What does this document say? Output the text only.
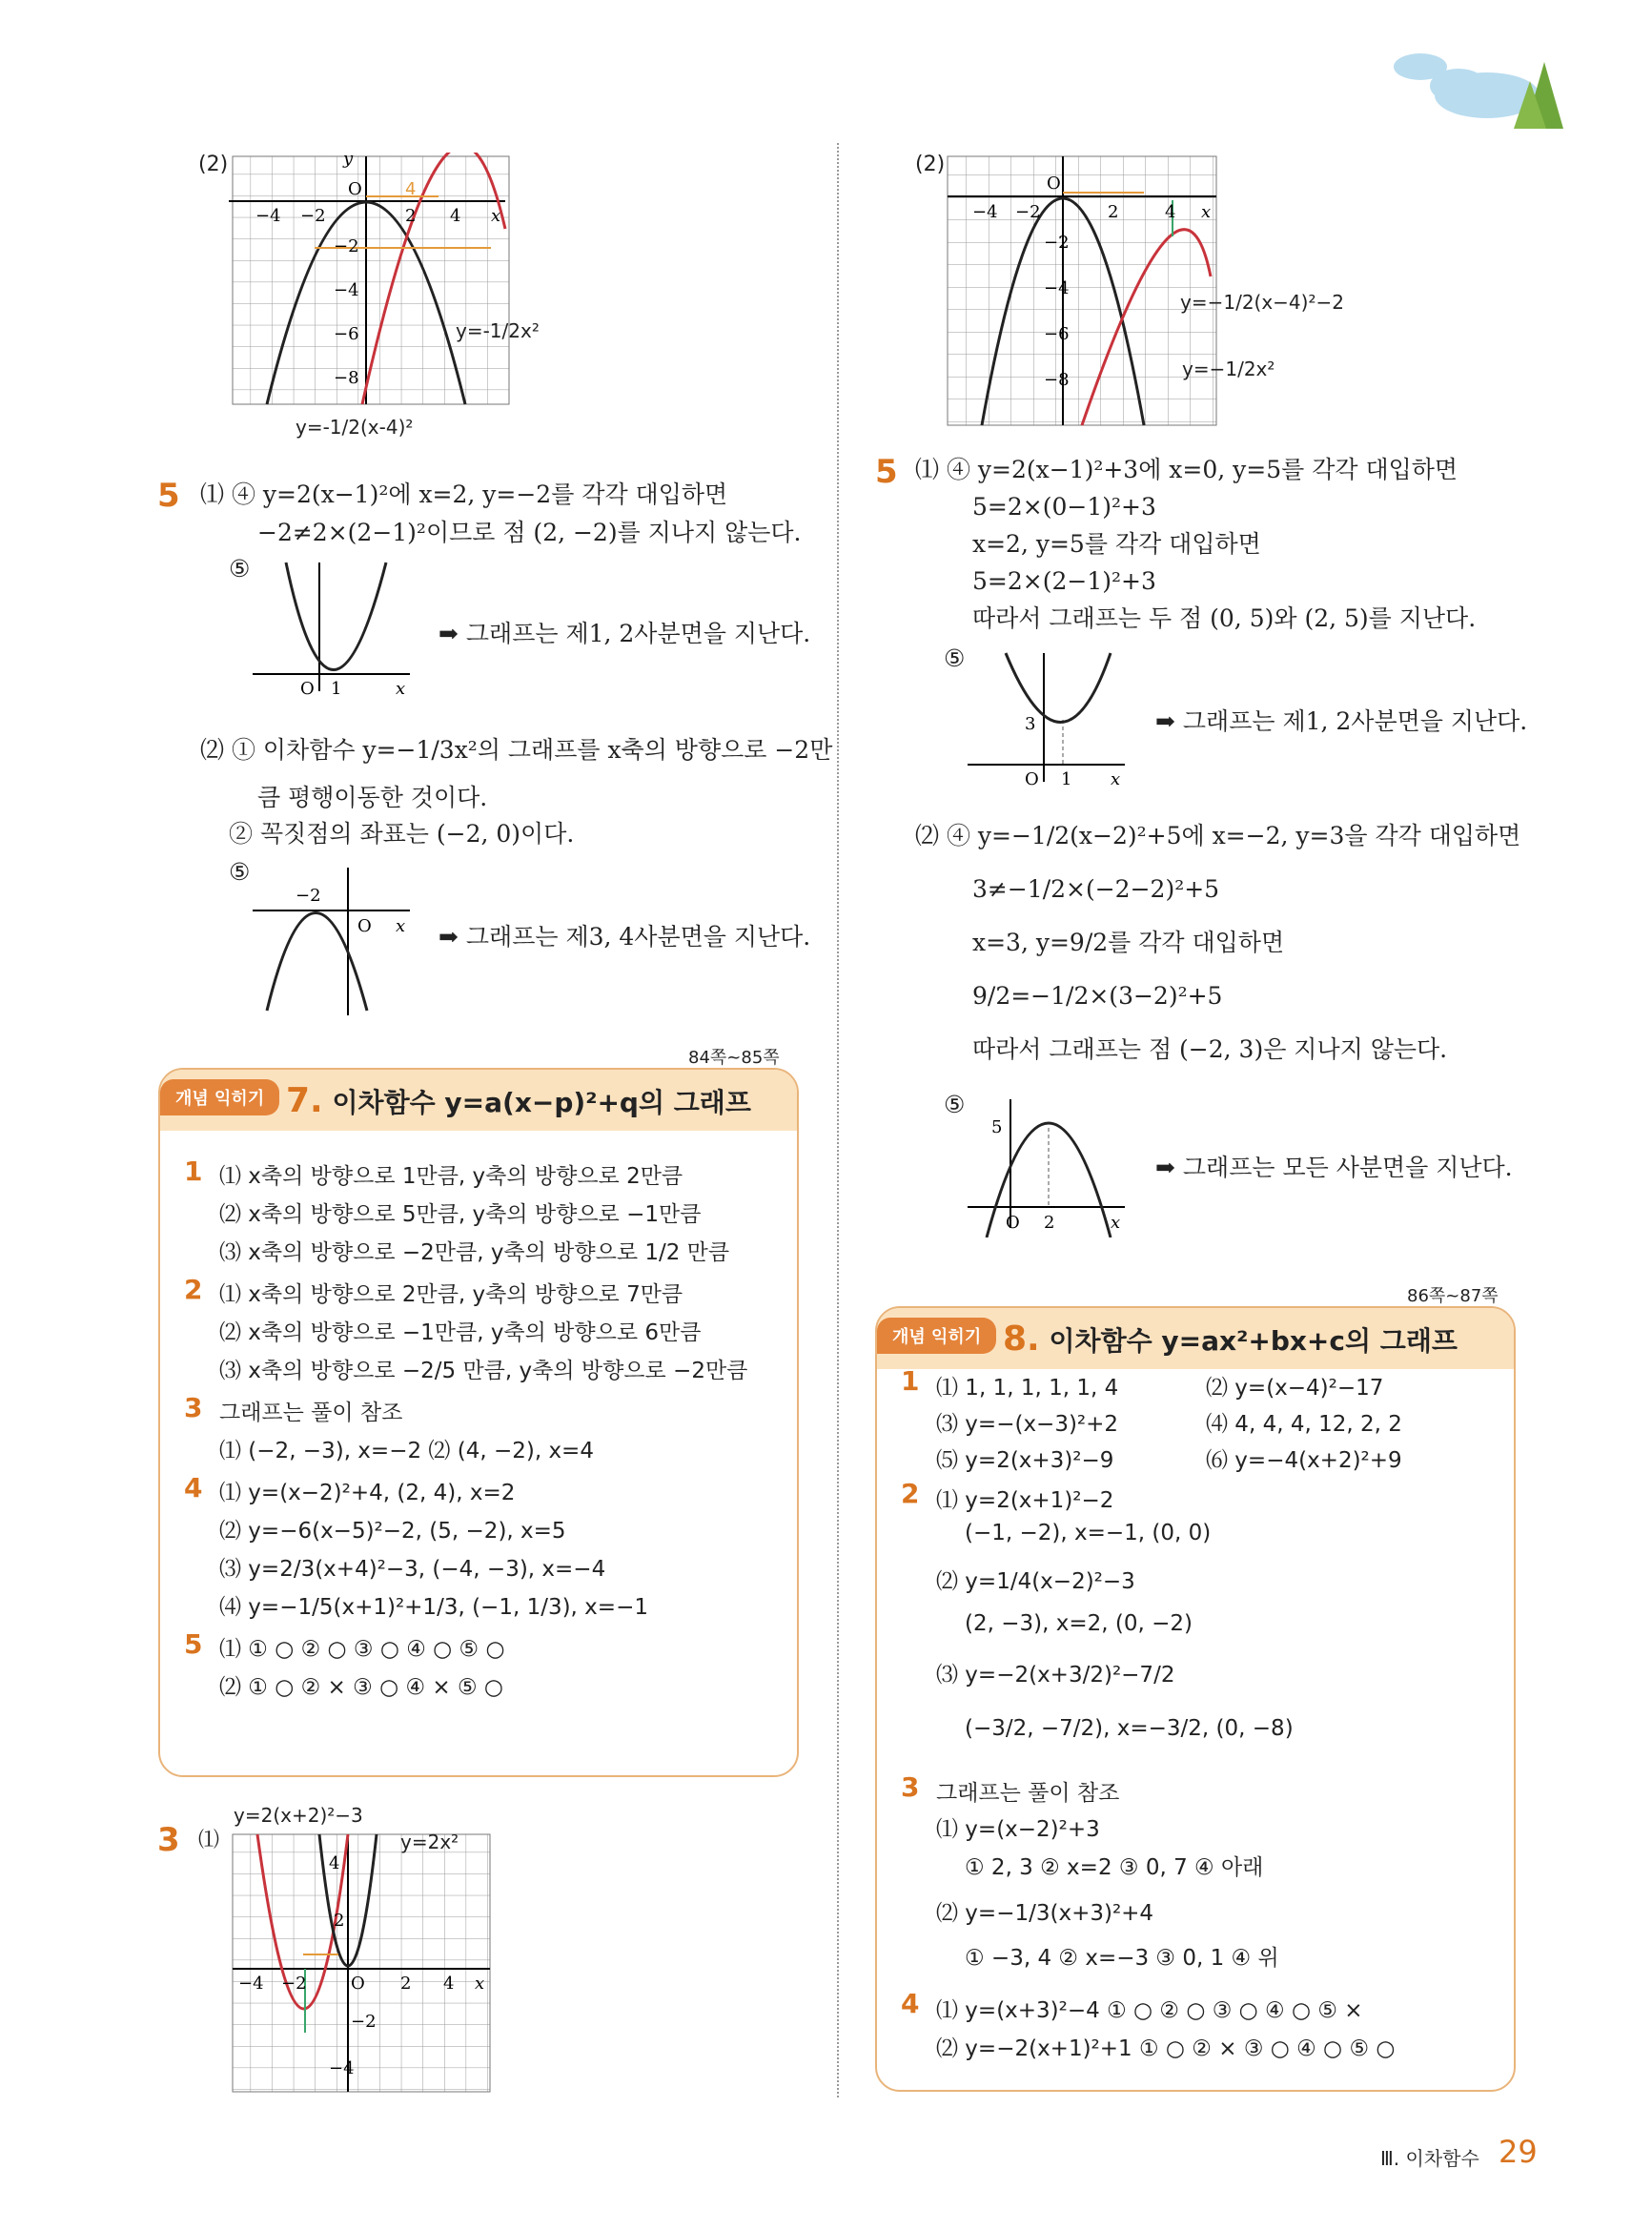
(2)
−4 −2
O
2 4 x
y
−2
−4
−6
−8
4
y=-1/2x²
y=-1/2(x-4)²
5 ⑴ ④ y=2(x−1)²에 x=2, y=−2를 각각 대입하면
−2≠2×(2−1)²이므로 점 (2, −2)를 지나지 않는다.
⑤
O 1	x
➡ 그래프는 제1, 2사분면을 지난다.
⑵ ① 이차함수 y=−1/3x²의 그래프를 x축의 방향으로 −2만
큼 평행이동한 것이다.
② 꼭짓점의 좌표는 (−2, 0)이다.
⑤
−2
O x ➡ 그래프는 제3, 4사분면을 지난다.
84쪽~85쪽
개념 익히기 7. 이차함수 y=a(x−p)²+q의 그래프
1 ⑴ x축의 방향으로 1만큼, y축의 방향으로 2만큼
⑵ x축의 방향으로 5만큼, y축의 방향으로 −1만큼
⑶ x축의 방향으로 −2만큼, y축의 방향으로 1/2 만큼
2 ⑴ x축의 방향으로 2만큼, y축의 방향으로 7만큼
⑵ x축의 방향으로 −1만큼, y축의 방향으로 6만큼
⑶ x축의 방향으로 −2/5 만큼, y축의 방향으로 −2만큼
3 그래프는 풀이 참조
⑴ (−2, −3), x=−2 ⑵ (4, −2), x=4
4 ⑴ y=(x−2)²+4, (2, 4), x=2
⑵ y=−6(x−5)²−2, (5, −2), x=5
⑶ y=2/3(x+4)²−3, (−4, −3), x=−4
⑷ y=−1/5(x+1)²+1/3, (−1, 1/3), x=−1
5 ⑴ ① ○ ② ○ ③ ○ ④ ○ ⑤ ○
⑵ ① ○ ② × ③ ○ ④ × ⑤ ○
3 ⑴
−4 −2	O 2 4 x
4
2
−2
−4
y=2(x+2)²−3
y=2x²
(2)
−4 −2
O
2	4 x
−2
−4
−6
−8
y=−1/2(x−4)²−2
y=−1/2x²
5 ⑴ ④ y=2(x−1)²+3에 x=0, y=5를 각각 대입하면
5=2×(0−1)²+3
x=2, y=5를 각각 대입하면
5=2×(2−1)²+3
따라서 그래프는 두 점 (0, 5)와 (2, 5)를 지난다.
⑤
3
O 1 x
➡ 그래프는 제1, 2사분면을 지난다.
⑵ ④ y=−1/2(x−2)²+5에 x=−2, y=3을 각각 대입하면
3≠−1/2×(−2−2)²+5
x=3, y=9/2를 각각 대입하면
9/2=−1/2×(3−2)²+5
따라서 그래프는 점 (−2, 3)은 지나지 않는다.
⑤
5
O 2	x
➡ 그래프는 모든 사분면을 지난다.
86쪽~87쪽
개념 익히기 8. 이차함수 y=ax²+bx+c의 그래프
1 ⑴ 1, 1, 1, 1, 1, 4	⑵ y=(x−4)²−17
⑶ y=−(x−3)²+2	⑷ 4, 4, 4, 12, 2, 2
⑸ y=2(x+3)²−9	⑹ y=−4(x+2)²+9
2 ⑴ y=2(x+1)²−2
(−1, −2), x=−1, (0, 0)
⑵ y=1/4(x−2)²−3
(2, −3), x=2, (0, −2)
⑶ y=−2(x+3/2)²−7/2
(−3/2, −7/2), x=−3/2, (0, −8)
3 그래프는 풀이 참조
⑴ y=(x−2)²+3
① 2, 3 ② x=2 ③ 0, 7 ④ 아래
⑵ y=−1/3(x+3)²+4
① −3, 4 ② x=−3 ③ 0, 1 ④ 위
4 ⑴ y=(x+3)²−4 ① ○ ② ○ ③ ○ ④ ○ ⑤ ×
⑵ y=−2(x+1)²+1 ① ○ ② × ③ ○ ④ ○ ⑤ ○
Ⅲ. 이차함수 29
